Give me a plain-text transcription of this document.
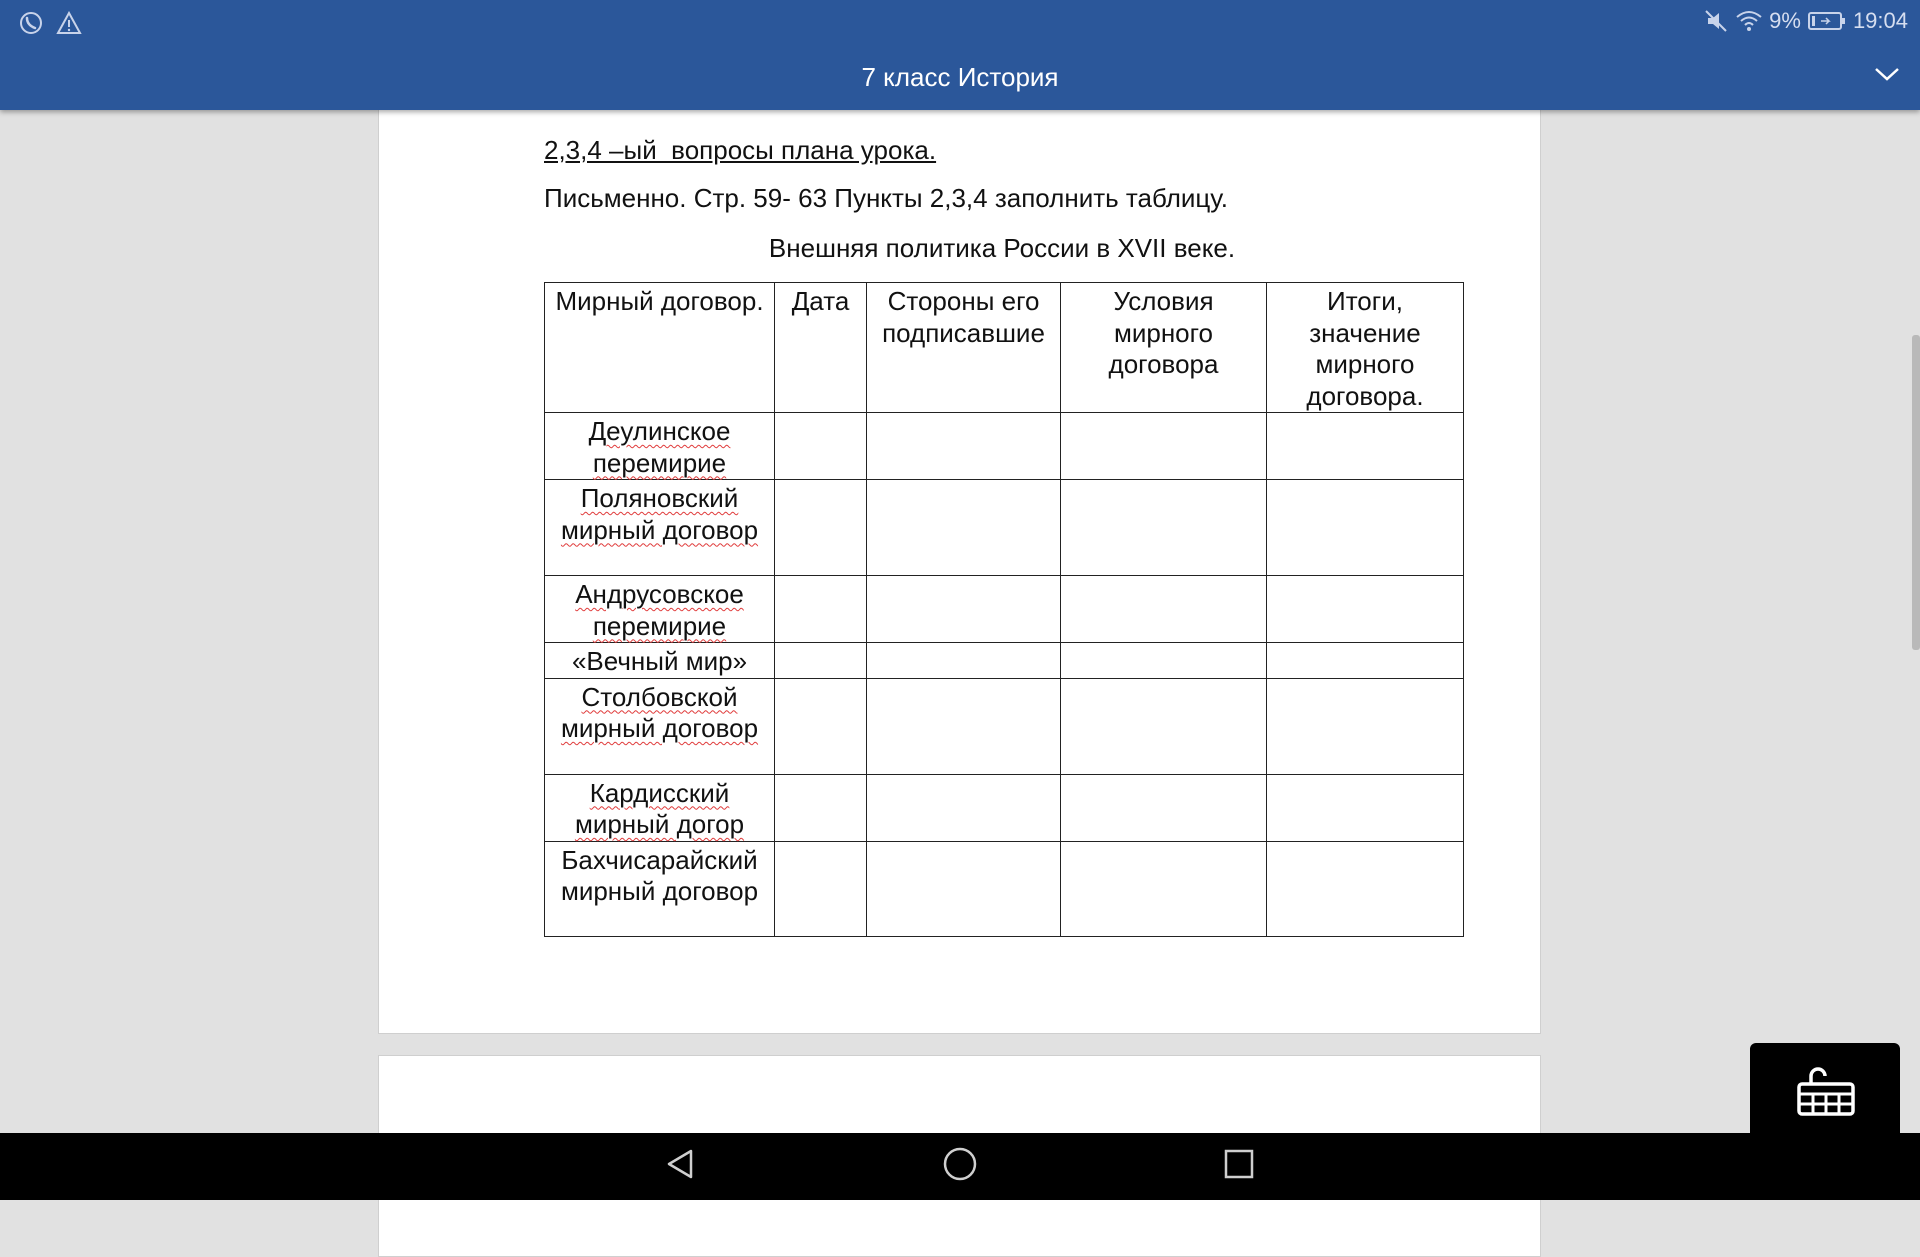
9% 19:04
7 класс История
2,3,4 –ый  вопросы плана урока.
Письменно. Стр. 59- 63 Пункты 2,3,4 заполнить таблицу.
Внешняя политика России в XVII веке.
Мирный договор.	Дата	Стороны его подписавшие	Условия мирного договора	Итоги, значение мирного договора.
Деулинское перемирие				
Поляновский мирный договор				
Андрусовское перемирие				
«Вечный мир»				
Столбовской мирный договор				
Кардисский мирный догор				
Бахчисарайский мирный договор				
